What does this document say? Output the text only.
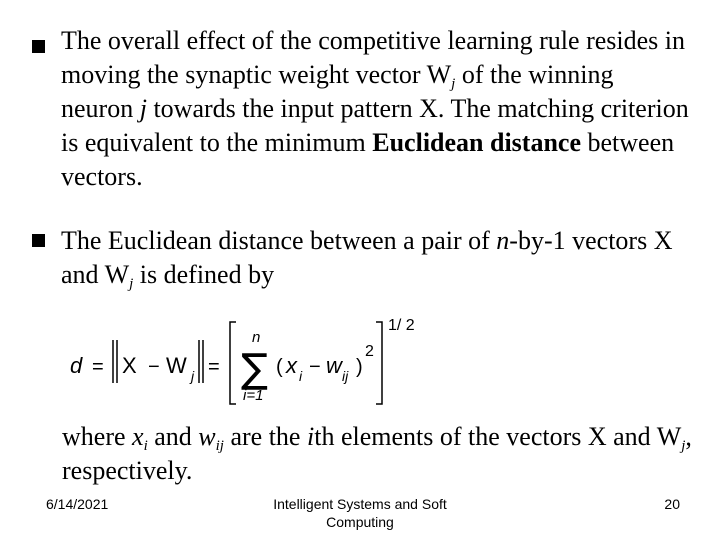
The overall effect of the competitive learning rule resides in moving the synaptic weight vector $W_j$ of the winning neuron j towards the input pattern X. The matching criterion is equivalent to the minimum Euclidean distance between vectors.
The Euclidean distance between a pair of n-by-1 vectors X and $W_j$ is defined by
d = X − W j =
n
∑
i=1
( x i − w ij )
2
1/ 2
where $x_i$ and $w_{ij}$ are the ith elements of the vectors X and $W_j$, respectively.
6/14/2021	Intelligent Systems and Soft Computing
20
